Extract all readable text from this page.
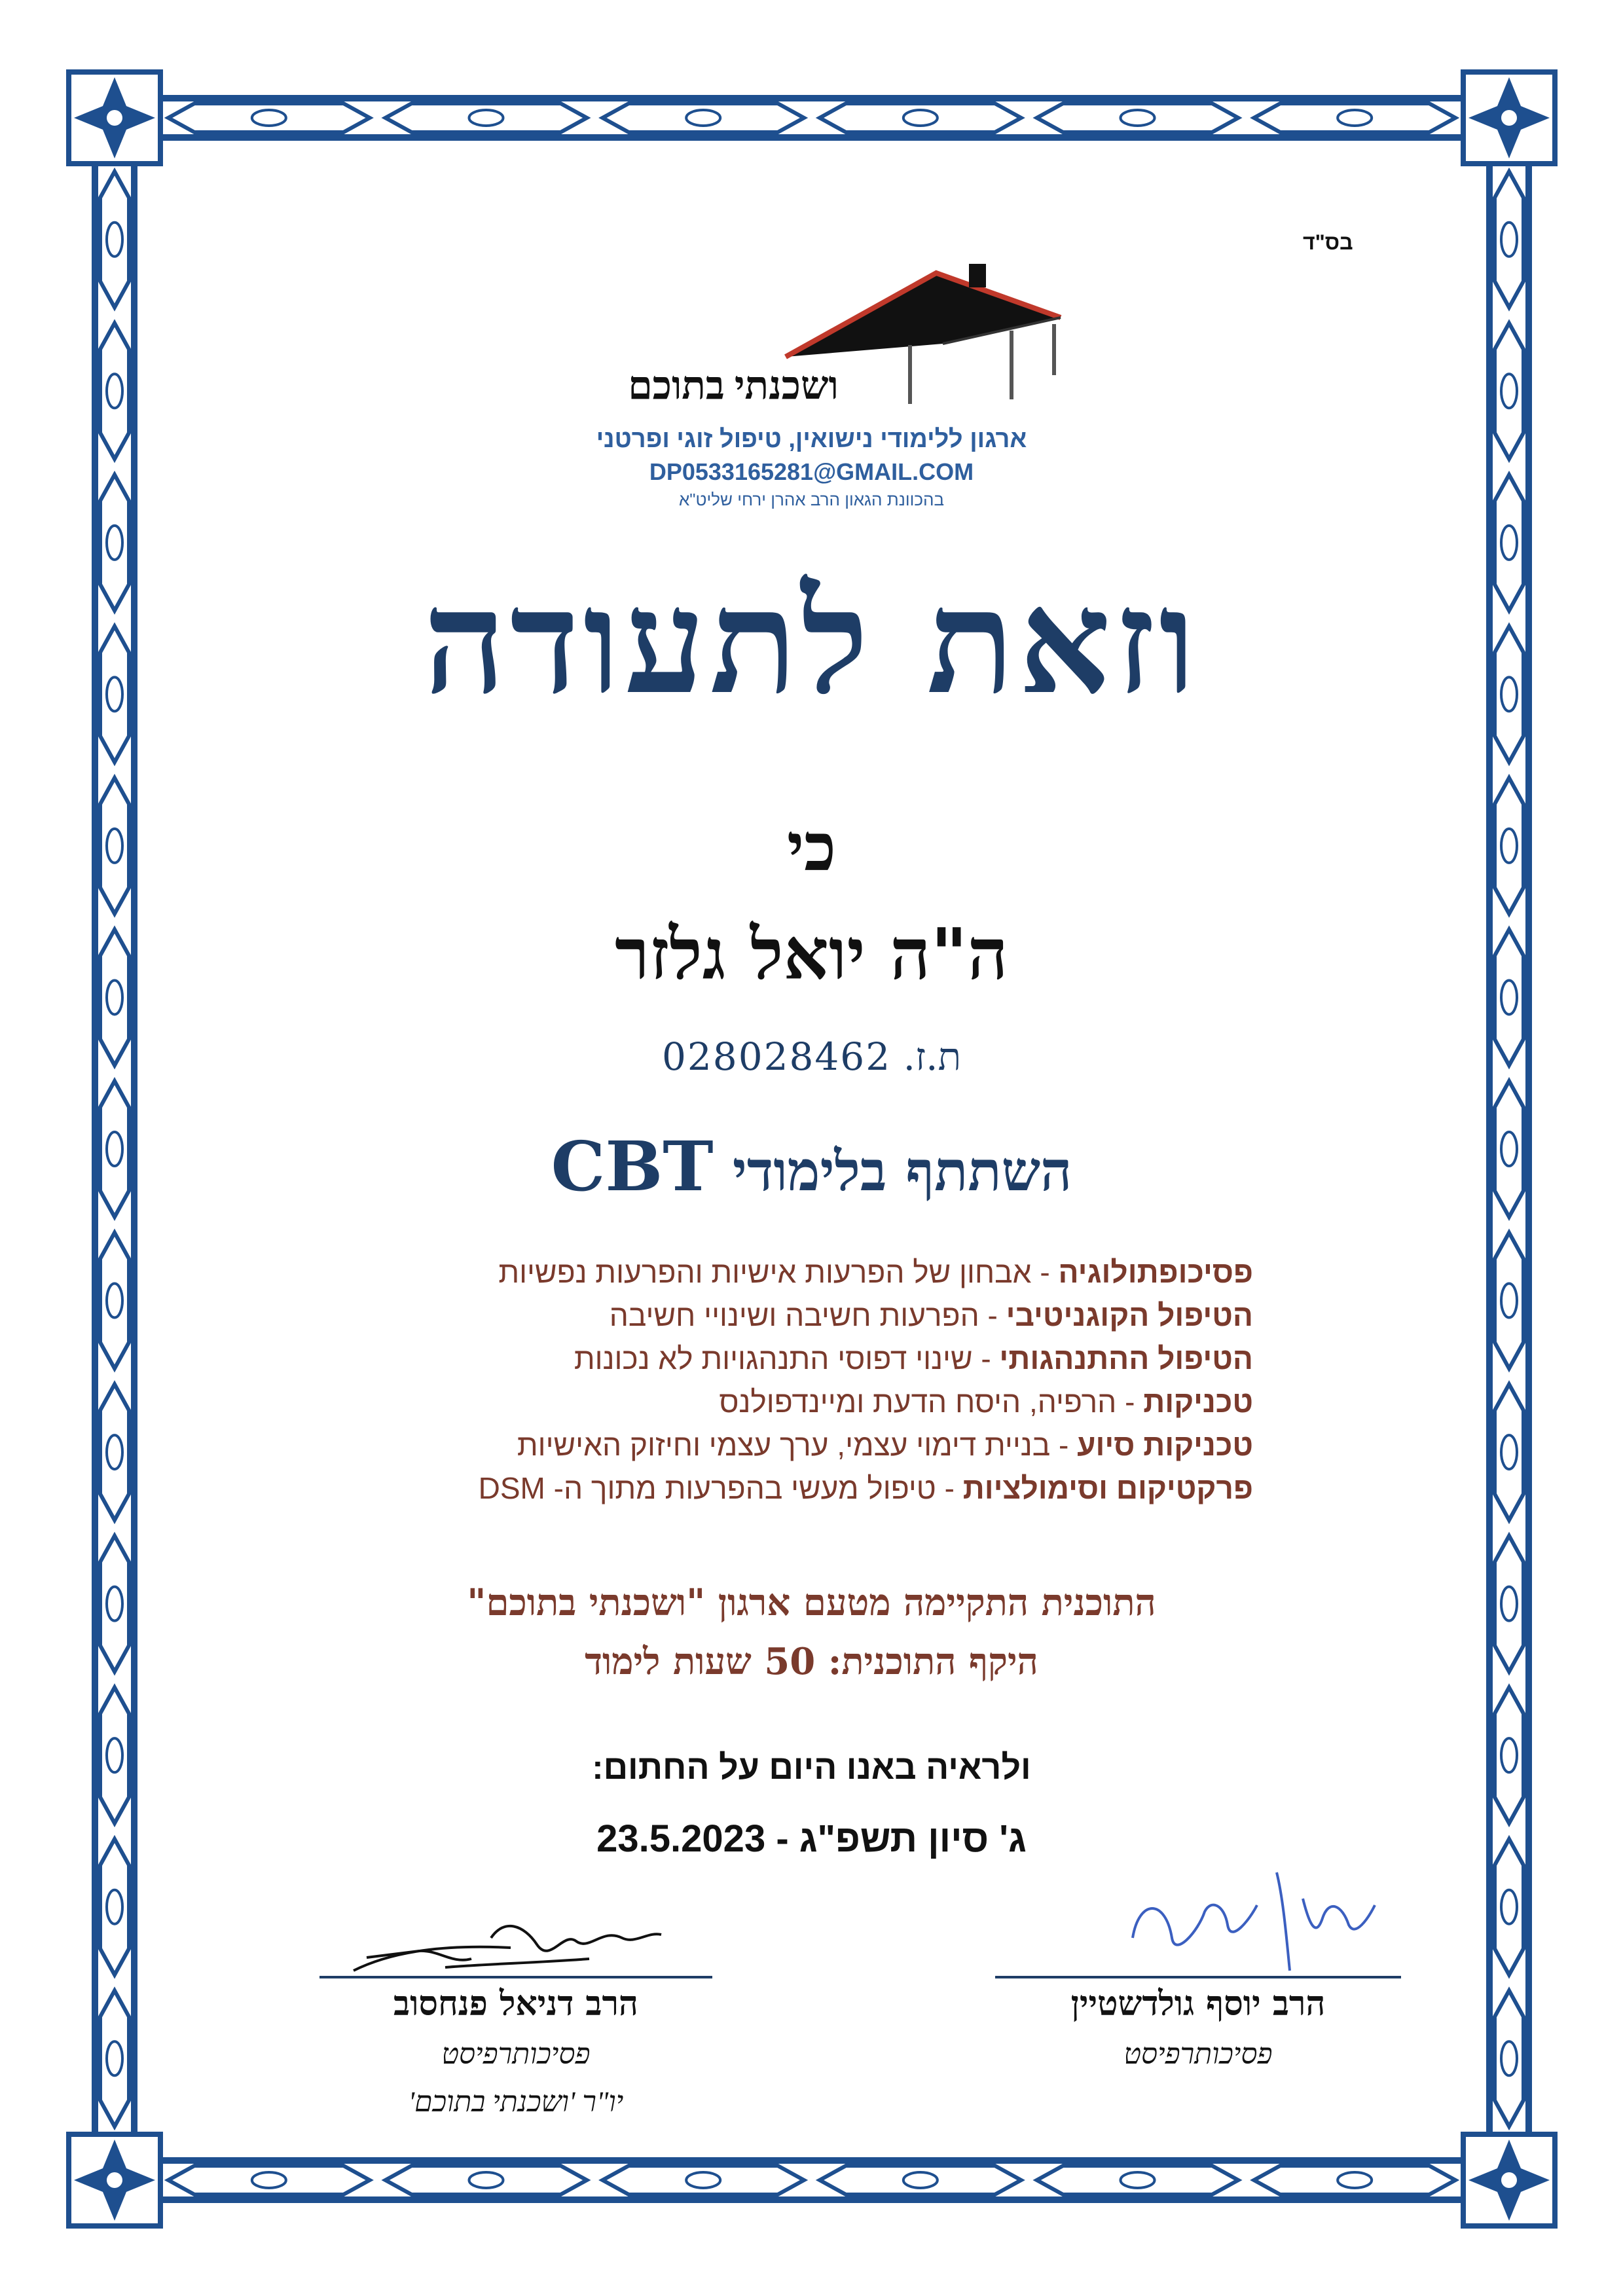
בס"ד
ושכנתי בתוכם
ארגון ללימודי נישואין, טיפול זוגי ופרטני
DP0533165281@GMAIL.COM
בהכוונת הגאון הרב אהרן ירחי שליט"א
וזאת לתעודה
כי
ה"ה יואל גלזר
ת.ז. 028028462
השתתף בלימודי CBT
פסיכופתולוגיה - אבחון של הפרעות אישיות והפרעות נפשיות
הטיפול הקוגניטיבי - הפרעות חשיבה ושינויי חשיבה
הטיפול ההתנהגותי - שינוי דפוסי התנהגויות לא נכונות
טכניקות - הרפיה, היסח הדעת ומיינדפולנס
טכניקות סיוע - בניית דימוי עצמי, ערך עצמי וחיזוק האישיות
פרקטיקום וסימולציות - טיפול מעשי בהפרעות מתוך ה- DSM
התוכנית התקיימה מטעם ארגון "ושכנתי בתוכם"
היקף התוכנית: 50 שעות לימוד
ולראיה באנו היום על החתום:
ג' סיון תשפ"ג - 23.5.2023
הרב דניאל פנחסוב
פסיכותרפיסט
יו"ר 'ושכנתי בתוכם'
הרב יוסף גולדשטיין
פסיכותרפיסט
